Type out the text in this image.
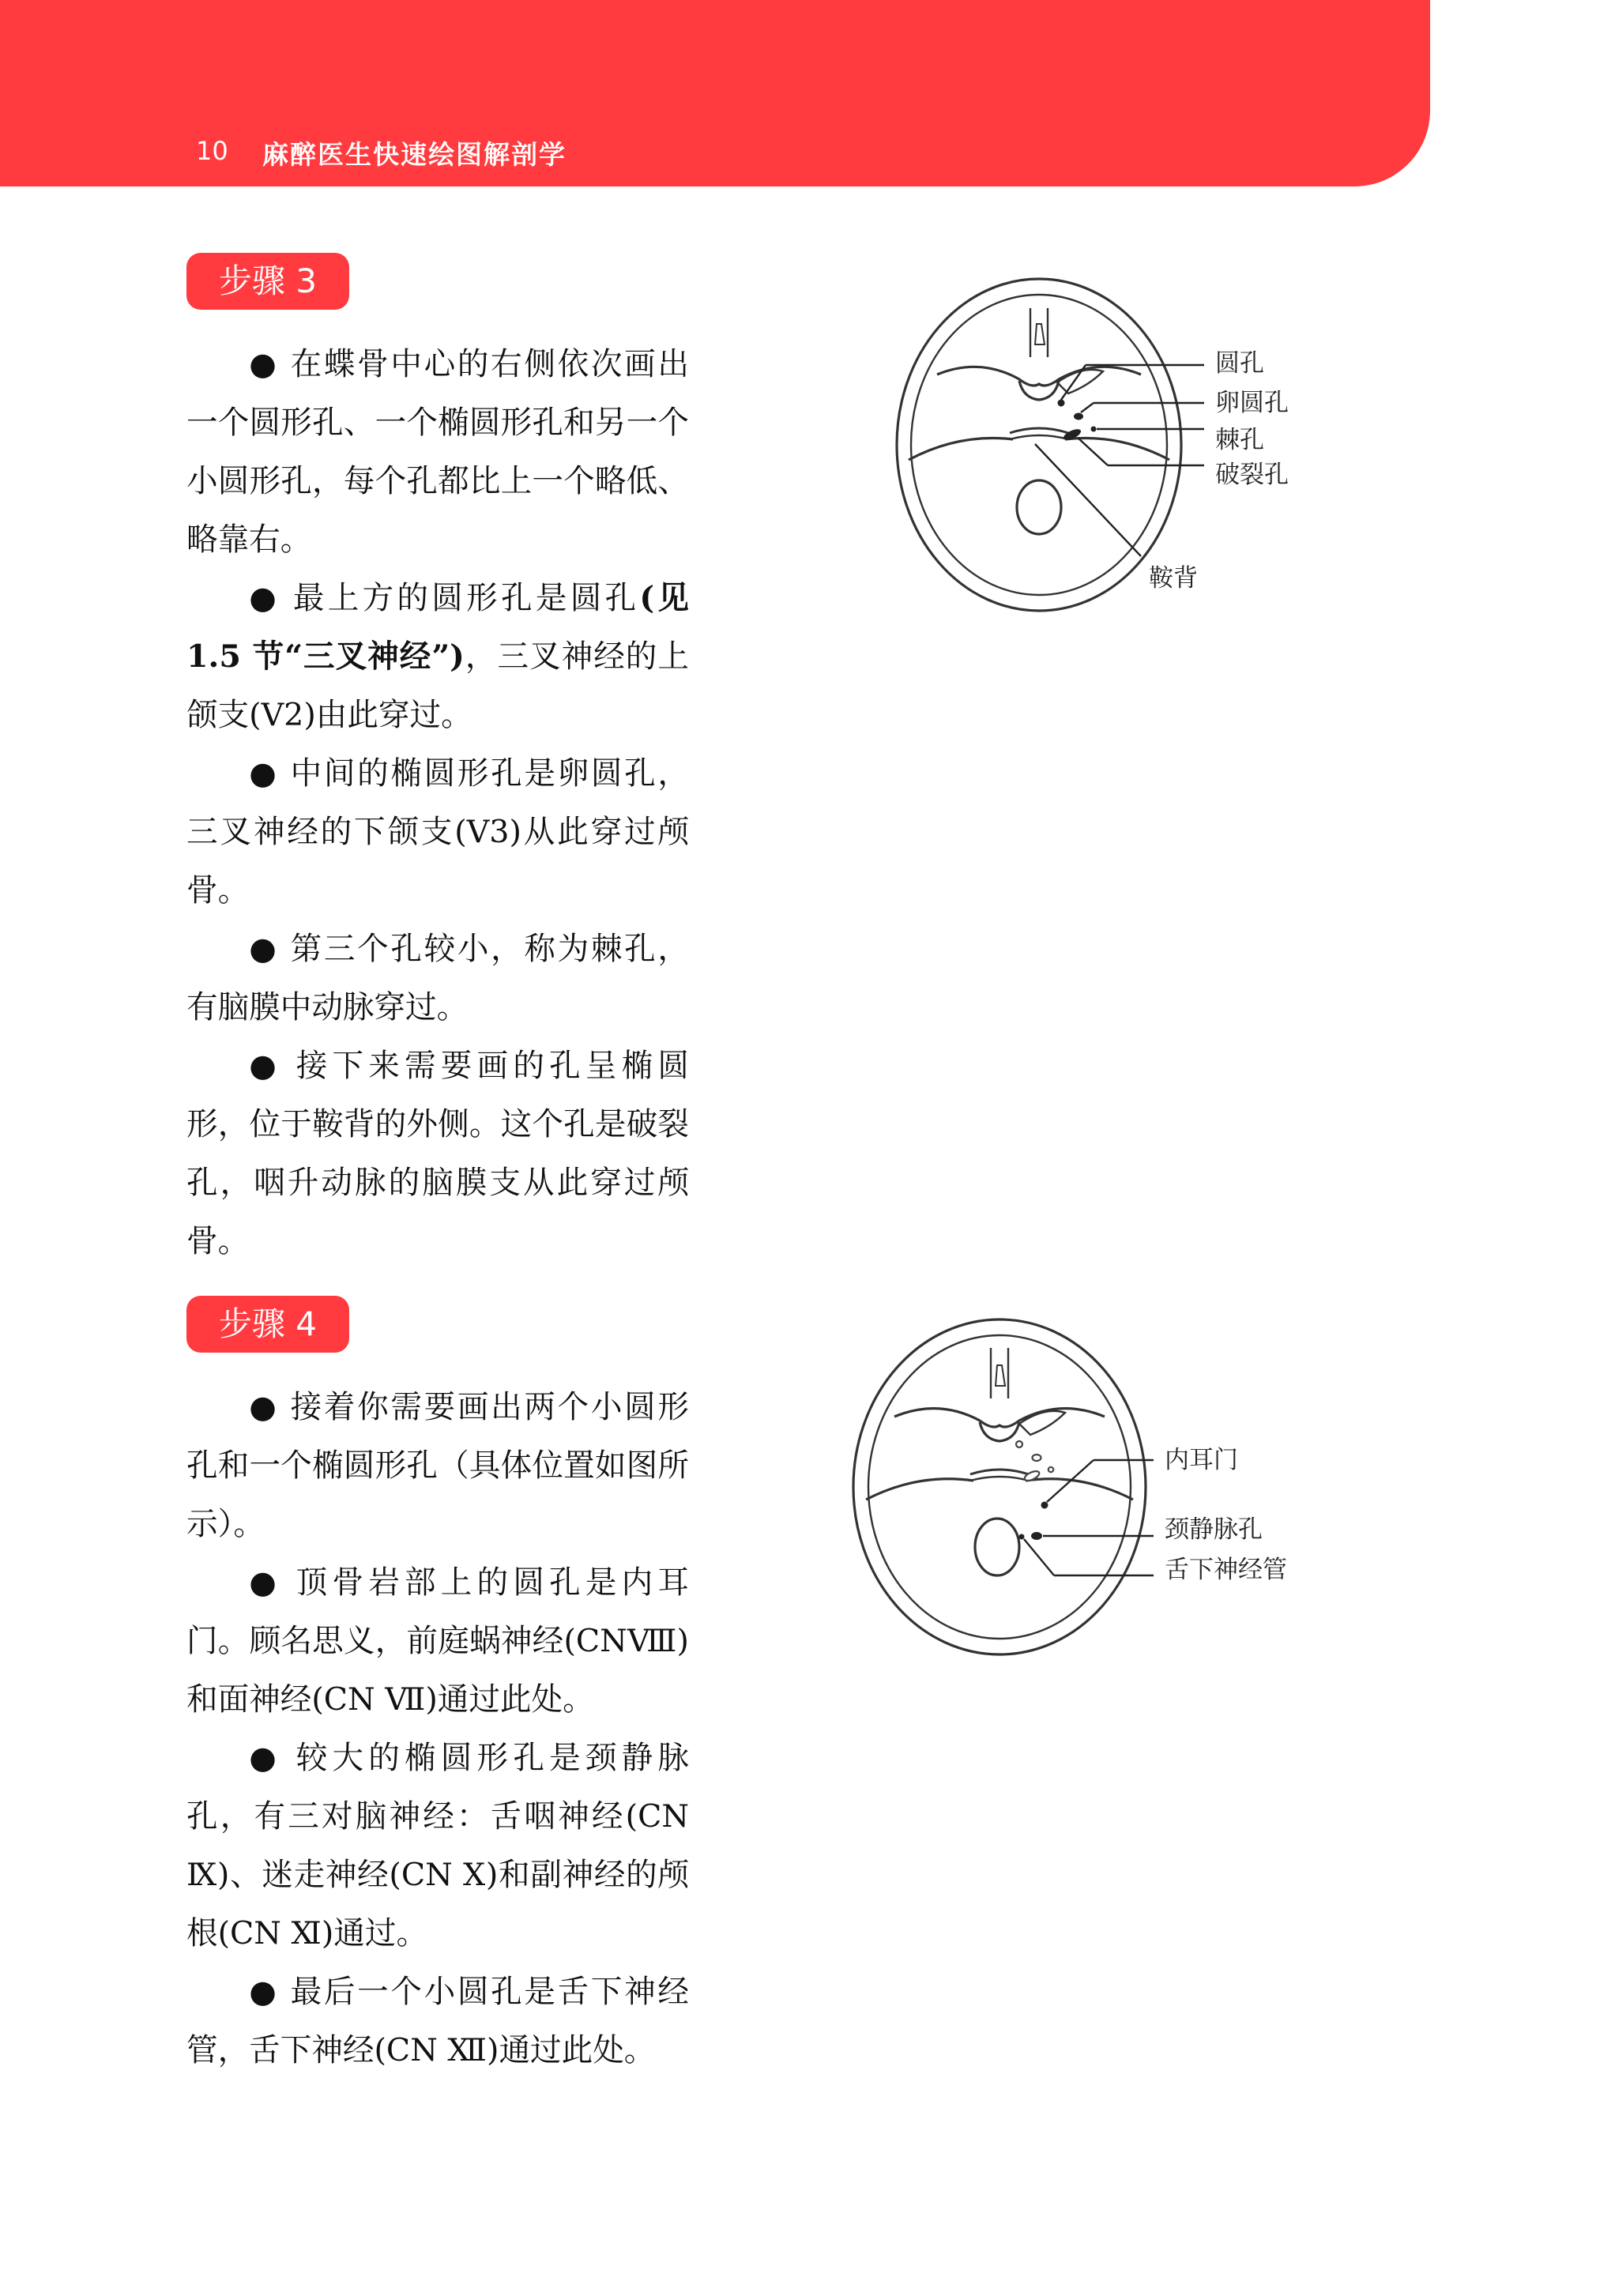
10 麻醉医生快速绘图解剖学
步骤 3

● 在蝶骨中心的右侧依次画出一个圆形孔、一个椭圆形孔和另一个小圆形孔，每个孔都比上一个略低、略靠右。

● 最上方的圆形孔是圆孔(见 1.5 节“三叉神经”)，三叉神经的上颌支(V2)由此穿过。

● 中间的椭圆形孔是卵圆孔，三叉神经的下颌支(V3)从此穿过颅骨。

● 第三个孔较小，称为棘孔，有脑膜中动脉穿过。

● 接下来需要画的孔呈椭圆形，位于鞍背的外侧。这个孔是破裂孔，咽升动脉的脑膜支从此穿过颅骨。

步骤 4

● 接着你需要画出两个小圆形孔和一个椭圆形孔（具体位置如图所示）。

● 顶骨岩部上的圆孔是内耳门。顾名思义，前庭蜗神经(CNⅧ)和面神经(CN Ⅶ)通过此处。

● 较大的椭圆形孔是颈静脉孔，有三对脑神经：舌咽神经(CN Ⅸ)、迷走神经(CN Ⅹ)和副神经的颅根(CN Ⅺ)通过。

● 最后一个小圆孔是舌下神经管，舌下神经(CN Ⅻ)通过此处。

圆孔
卵圆孔
棘孔
破裂孔
鞍背
内耳门
颈静脉孔
舌下神经管
